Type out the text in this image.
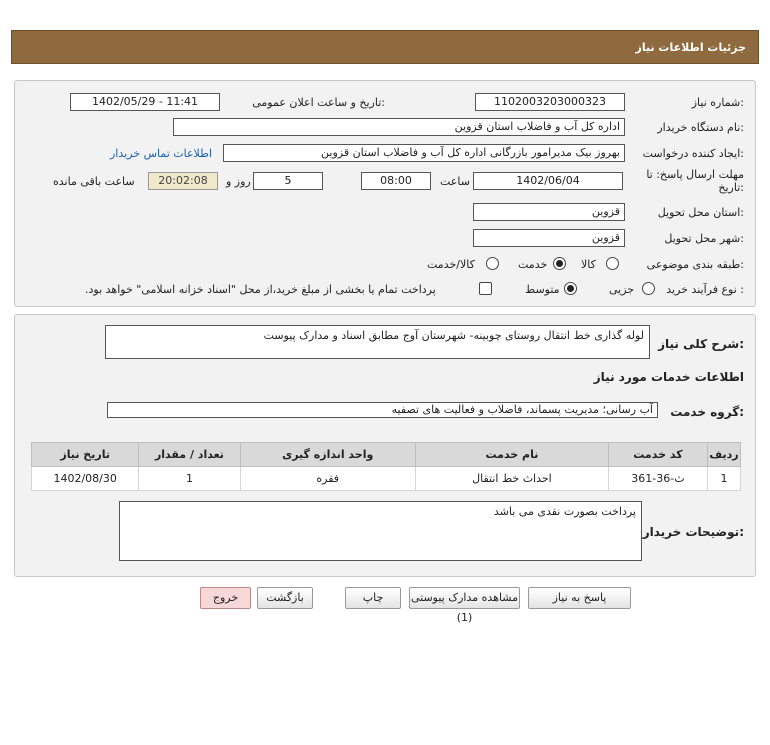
جزئیات اطلاعات نیاز
شماره نیاز:
1102003203000323
تاریخ و ساعت اعلان عمومی:
1402/05/29 - 11:41
نام دستگاه خریدار:
اداره کل آب و فاضلاب استان قزوین
ایجاد کننده درخواست:
بهروز بیک مدیرامور بازرگانی اداره کل آب و فاضلاب استان قزوین
اطلاعات تماس خریدار
مهلت ارسال پاسخ: تا
تاریخ:
1402/06/04
ساعت
08:00
5
روز و
20:02:08
ساعت باقی مانده
استان محل تحویل:
قزوین
شهر محل تحویل:
قزوین
طبقه بندی موضوعی:
کالا
خدمت
کالا/خدمت
نوع فرآیند خرید :
جزیی
متوسط
پرداخت تمام یا بخشی از مبلغ خرید،از محل "اسناد خزانه اسلامی" خواهد بود.
شرح کلی نیاز:
لوله گذاری خط انتقال روستای چوبینه- شهرستان آوج مطابق اسناد و مدارک پیوست
اطلاعات خدمات مورد نیاز
گروه خدمت:
آب رسانی؛ مدیریت پسماند، فاضلاب و فعالیت های تصفیه
ردیف	کد خدمت	نام خدمت	واحد اندازه گیری	تعداد / مقدار	تاریخ نیاز
1	ث-36-361	احداث خط انتقال	فقره	1	1402/08/30
توضیحات خریدار:
پرداخت بصورت نقدی می باشد
پاسخ به نیاز
مشاهده مدارک پیوستی (1)
چاپ
بازگشت
خروج
